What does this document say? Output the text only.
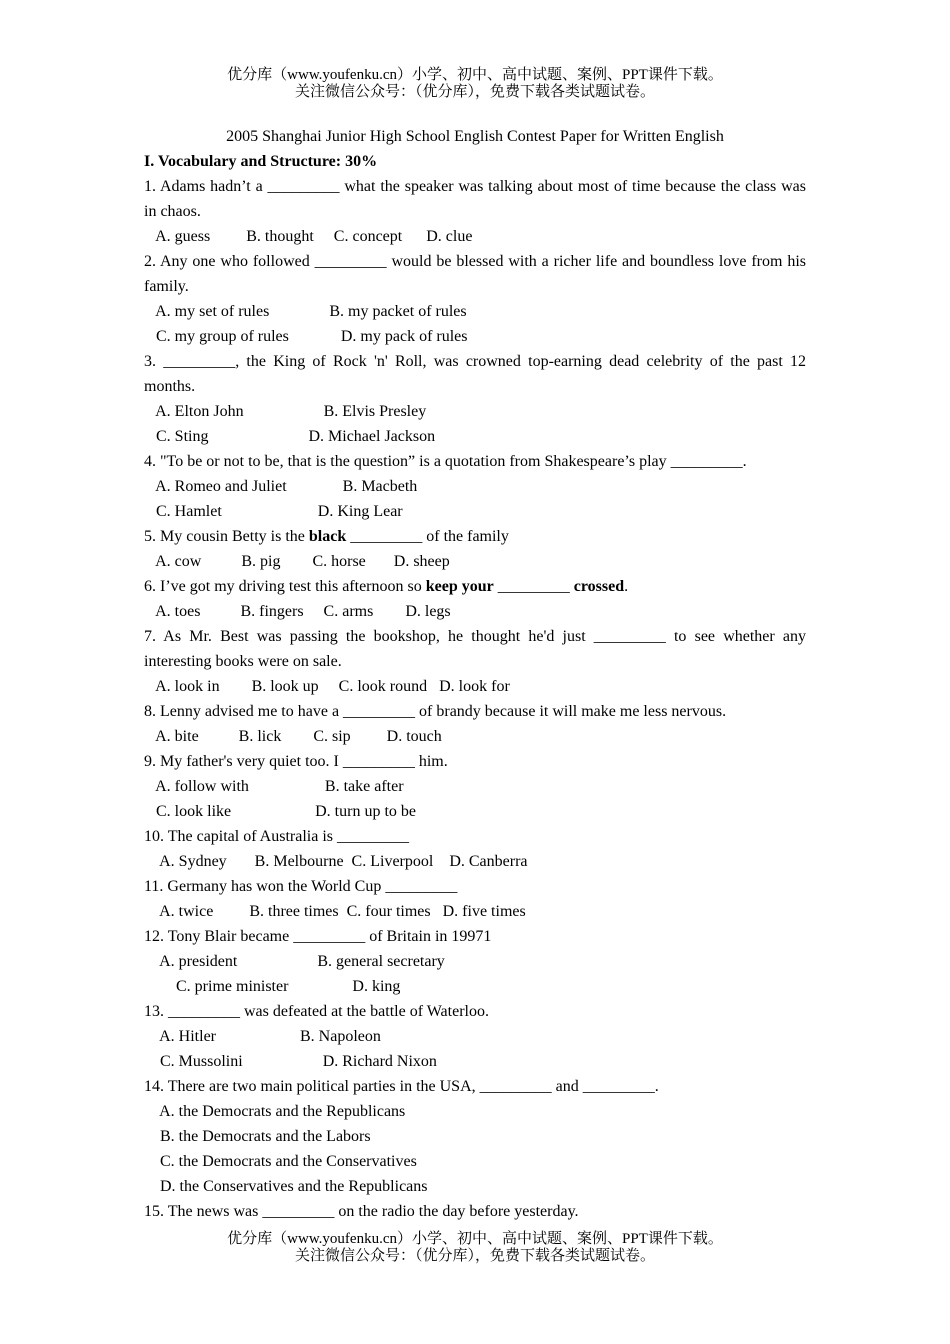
优分库（www.youfenku.cn）小学、初中、高中试题、案例、PPT课件下载。
关注微信公众号：（优分库），免费下载各类试题试卷。
2005 Shanghai Junior High School English Contest Paper for Written English
I. Vocabulary and Structure: 30%
1. Adams hadn’t a _________ what the speaker was talking about most of time because the class was in chaos.
A. guess         B. thought     C. concept      D. clue
2. Any one who followed _________ would be blessed with a richer life and boundless love from his family.
A. my set of rules               B. my packet of rules
C. my group of rules             D. my pack of rules
3. _________, the King of Rock 'n' Roll, was crowned top-earning dead celebrity of the past 12 months.
A. Elton John                    B. Elvis Presley
C. Sting                         D. Michael Jackson
4. "To be or not to be, that is the question” is a quotation from Shakespeare’s play _________.
A. Romeo and Juliet              B. Macbeth
C. Hamlet                        D. King Lear
5. My cousin Betty is the black _________ of the family
A. cow          B. pig        C. horse       D. sheep
6. I’ve got my driving test this afternoon so keep your _________ crossed.
A. toes          B. fingers     C. arms        D. legs
7. As Mr. Best was passing the bookshop, he thought he'd just _________ to see whether any interesting books were on sale.
A. look in        B. look up     C. look round   D. look for
8. Lenny advised me to have a _________ of brandy because it will make me less nervous.
A. bite          B. lick        C. sip         D. touch
9. My father's very quiet too. I _________ him.
A. follow with                   B. take after
C. look like                     D. turn up to be
10. The capital of Australia is _________
A. Sydney       B. Melbourne  C. Liverpool    D. Canberra
11. Germany has won the World Cup _________
A. twice         B. three times  C. four times   D. five times
12. Tony Blair became _________ of Britain in 19971
A. president                    B. general secretary
C. prime minister                D. king
13. _________ was defeated at the battle of Waterloo.
A. Hitler                     B. Napoleon
C. Mussolini                    D. Richard Nixon
14. There are two main political parties in the USA, _________ and _________.
A. the Democrats and the Republicans
B. the Democrats and the Labors
C. the Democrats and the Conservatives
D. the Conservatives and the Republicans
15. The news was _________ on the radio the day before yesterday.
优分库（www.youfenku.cn）小学、初中、高中试题、案例、PPT课件下载。
关注微信公众号：（优分库），免费下载各类试题试卷。
